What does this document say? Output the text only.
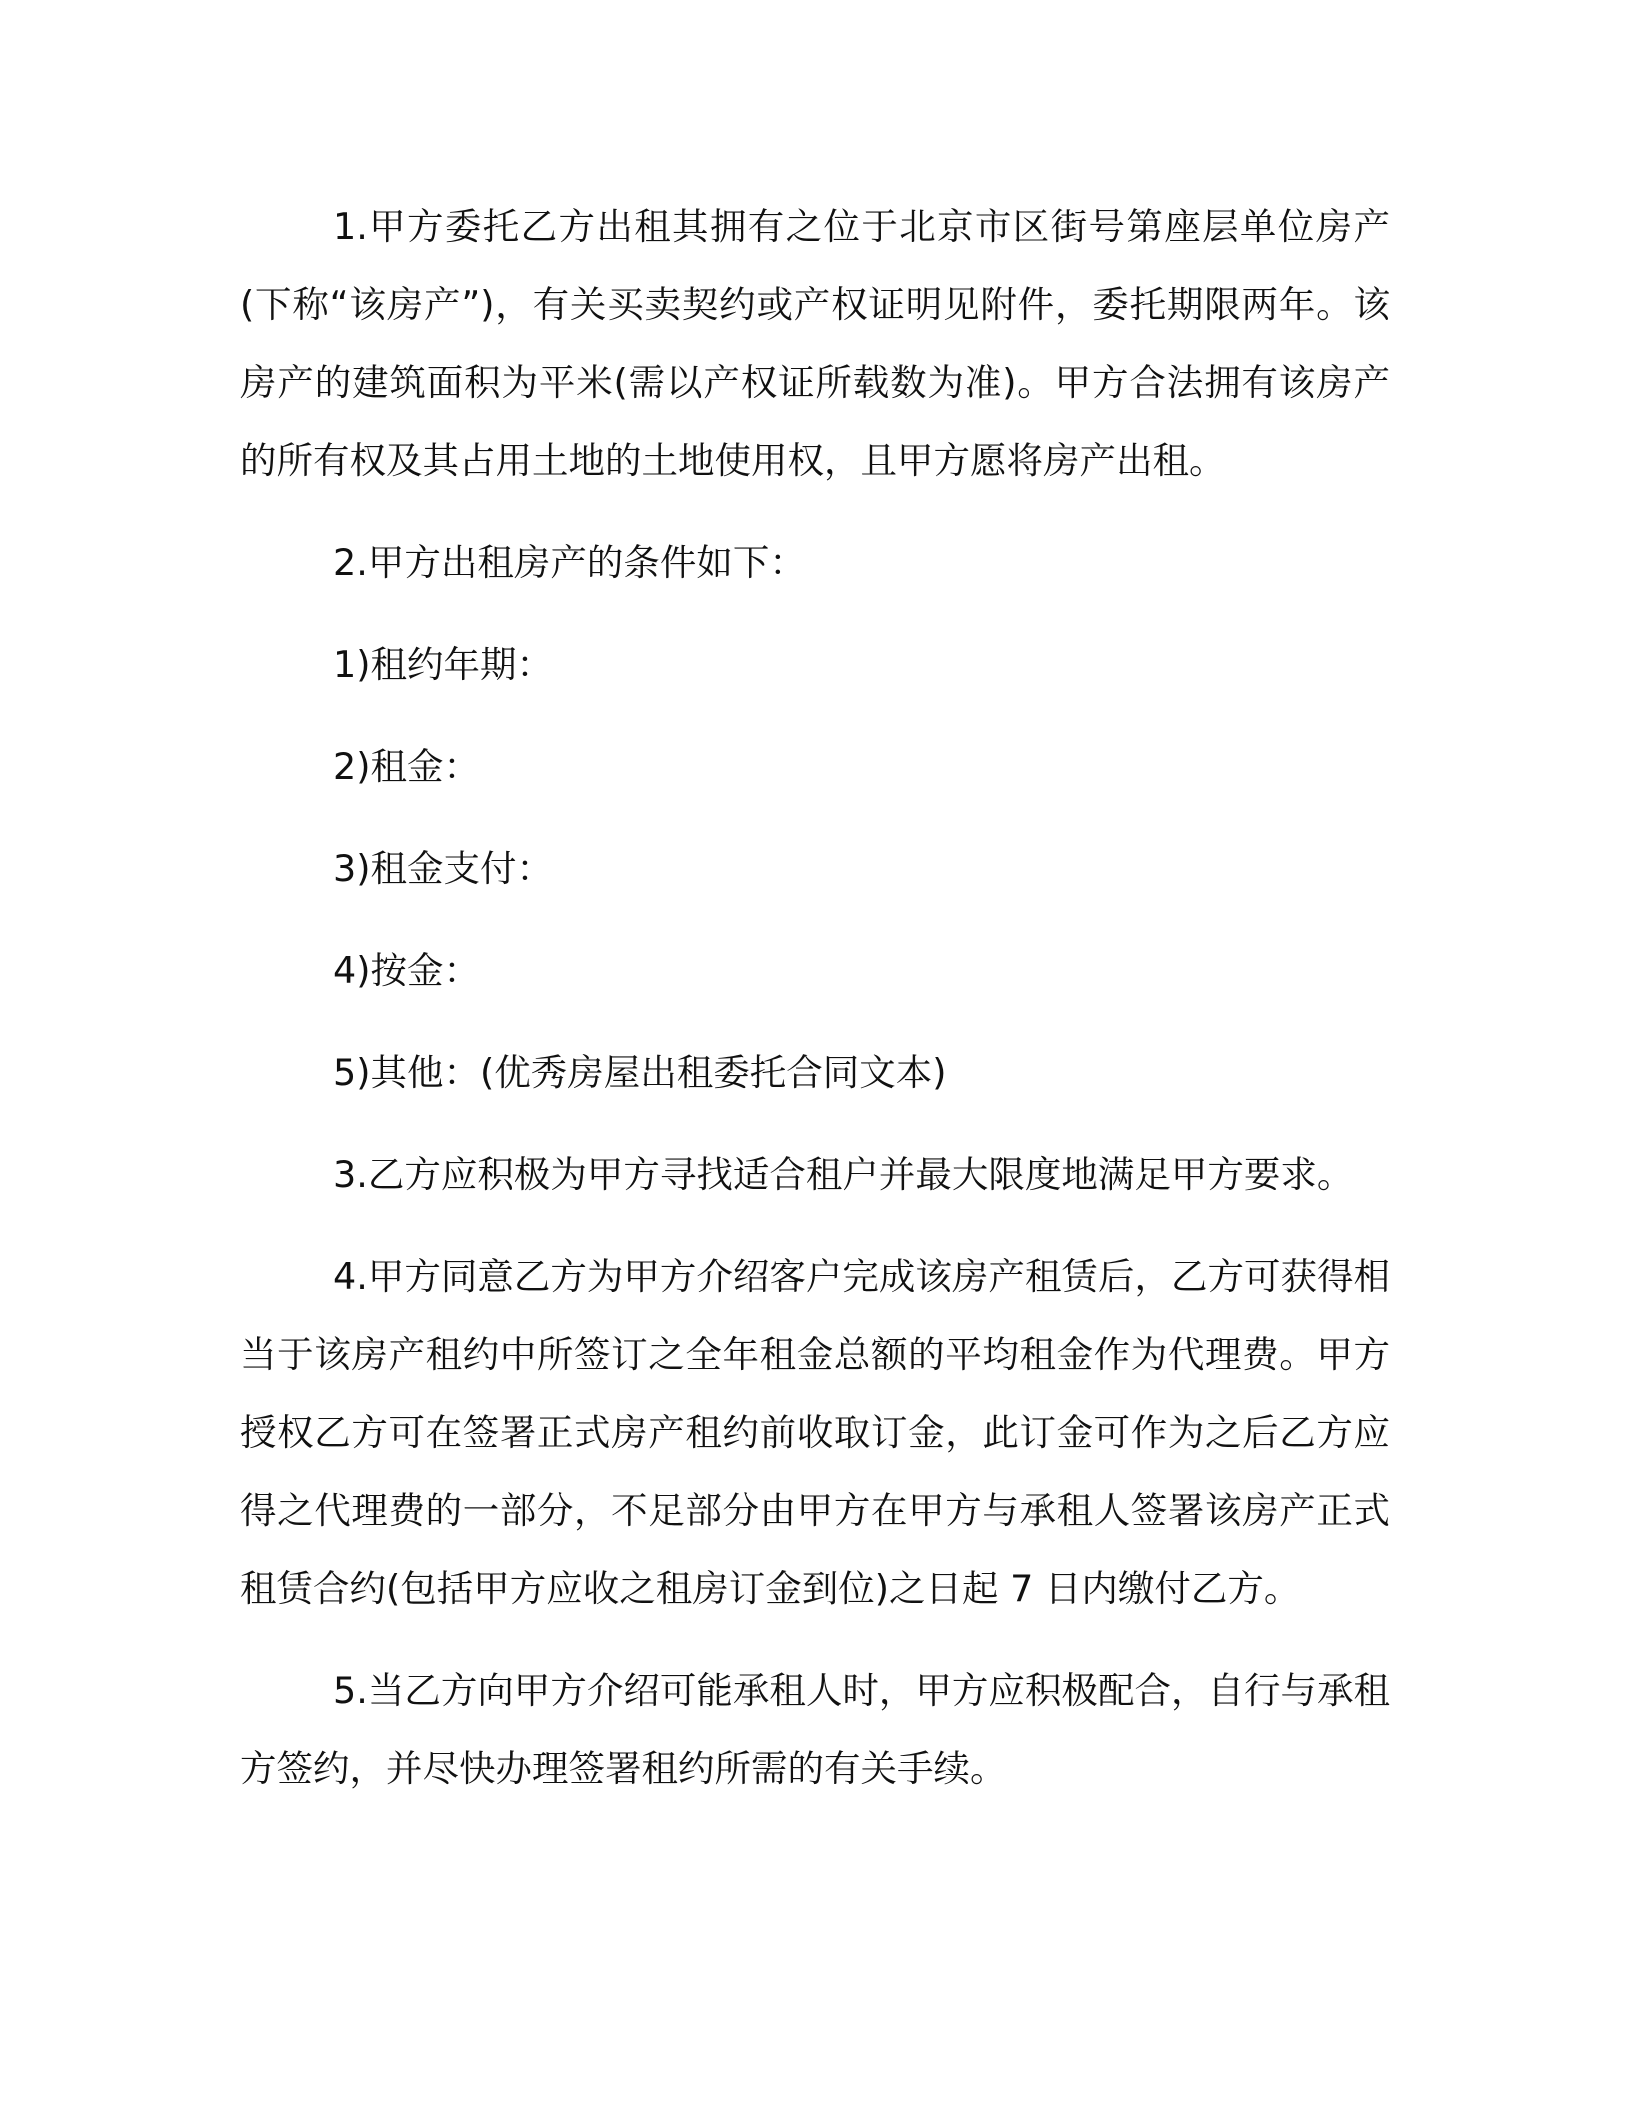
1.甲方委托乙方出租其拥有之位于北京市区街号第座层单位房产(下称“该房产”)，有关买卖契约或产权证明见附件，委托期限两年。该房产的建筑面积为平米(需以产权证所载数为准)。甲方合法拥有该房产的所有权及其占用土地的土地使用权，且甲方愿将房产出租。

2.甲方出租房产的条件如下：

1)租约年期：

2)租金：

3)租金支付：

4)按金：

5)其他：(优秀房屋出租委托合同文本)

3.乙方应积极为甲方寻找适合租户并最大限度地满足甲方要求。

4.甲方同意乙方为甲方介绍客户完成该房产租赁后，乙方可获得相当于该房产租约中所签订之全年租金总额的平均租金作为代理费。甲方授权乙方可在签署正式房产租约前收取订金，此订金可作为之后乙方应得之代理费的一部分，不足部分由甲方在甲方与承租人签署该房产正式租赁合约(包括甲方应收之租房订金到位)之日起 7 日内缴付乙方。

5.当乙方向甲方介绍可能承租人时，甲方应积极配合，自行与承租方签约，并尽快办理签署租约所需的有关手续。
